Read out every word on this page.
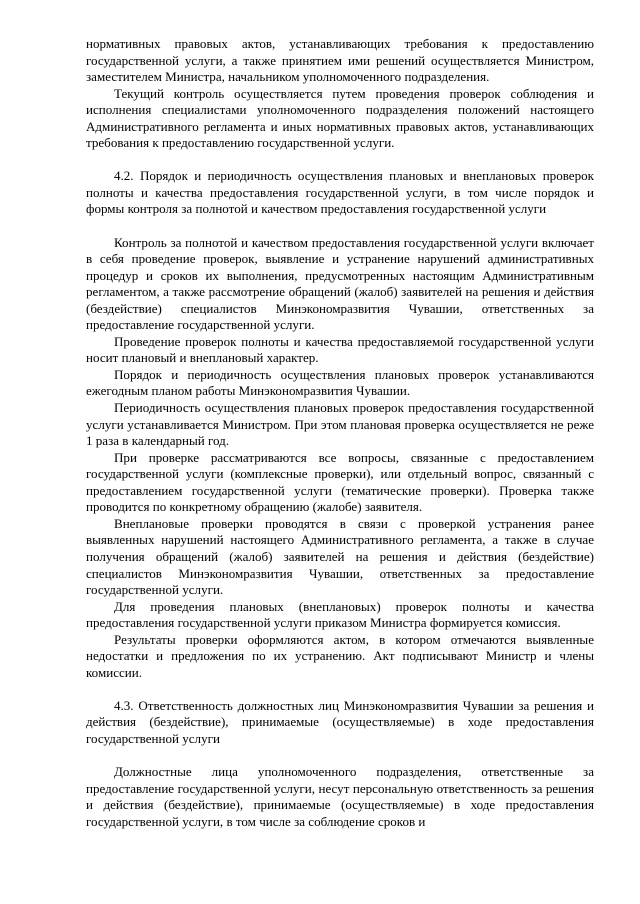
нормативных правовых актов, устанавливающих требования к предоставлению государственной услуги, а также принятием ими решений осуществляется Министром, заместителем Министра, начальником уполномоченного подразделения.

Текущий контроль осуществляется путем проведения проверок соблюдения и исполнения специалистами уполномоченного подразделения положений настоящего Административного регламента и иных нормативных правовых актов, устанавливающих требования к предоставлению государственной услуги.

4.2. Порядок и периодичность осуществления плановых и внеплановых проверок полноты и качества предоставления государственной услуги, в том числе порядок и формы контроля за полнотой и качеством предоставления государственной услуги

Контроль за полнотой и качеством предоставления государственной услуги включает в себя проведение проверок, выявление и устранение нарушений административных процедур и сроков их выполнения, предусмотренных настоящим Административным регламентом, а также рассмотрение обращений (жалоб) заявителей на решения и действия (бездействие) специалистов Минэкономразвития Чувашии, ответственных за предоставление государственной услуги.

Проведение проверок полноты и качества предоставляемой государственной услуги носит плановый и внеплановый характер.

Порядок и периодичность осуществления плановых проверок устанавливаются ежегодным планом работы Минэкономразвития Чувашии.

Периодичность осуществления плановых проверок предоставления государственной услуги устанавливается Министром. При этом плановая проверка осуществляется не реже 1 раза в календарный год.

При проверке рассматриваются все вопросы, связанные с предоставлением государственной услуги (комплексные проверки), или отдельный вопрос, связанный с предоставлением государственной услуги (тематические проверки). Проверка также проводится по конкретному обращению (жалобе) заявителя.

Внеплановые проверки проводятся в связи с проверкой устранения ранее выявленных нарушений настоящего Административного регламента, а также в случае получения обращений (жалоб) заявителей на решения и действия (бездействие) специалистов Минэкономразвития Чувашии, ответственных за предоставление государственной услуги.

Для проведения плановых (внеплановых) проверок полноты и качества предоставления государственной услуги приказом Министра формируется комиссия.

Результаты проверки оформляются актом, в котором отмечаются выявленные недостатки и предложения по их устранению. Акт подписывают Министр и члены комиссии.

4.3. Ответственность должностных лиц Минэкономразвития Чувашии за решения и действия (бездействие), принимаемые (осуществляемые) в ходе предоставления государственной услуги

Должностные лица уполномоченного подразделения, ответственные за предоставление государственной услуги, несут персональную ответственность за решения и действия (бездействие), принимаемые (осуществляемые) в ходе предоставления государственной услуги, в том числе за соблюдение сроков и
